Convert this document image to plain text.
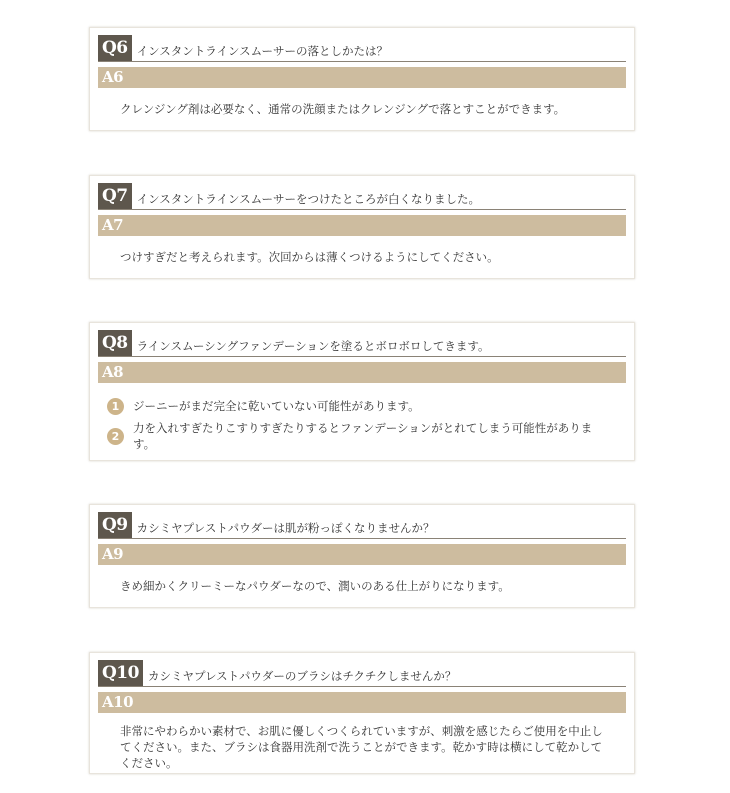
Q6 インスタントラインスムーサーの落としかたは？
A6
クレンジング剤は必要なく、通常の洗顔またはクレンジングで落とすことができます。
Q7 インスタントラインスムーサーをつけたところが白くなりました。
A7
つけすぎだと考えられます。次回からは薄くつけるようにしてください。
Q8 ラインスムーシングファンデーションを塗るとボロボロしてきます。
A8
1	ジーニーがまだ完全に乾いていない可能性があります。
2
力を入れすぎたりこすりすぎたりするとファンデーションがとれてしまう可能性があります。
Q9 カシミヤプレストパウダーは肌が粉っぽくなりませんか？
A9
きめ細かくクリーミーなパウダーなので、潤いのある仕上がりになります。
Q10 カシミヤプレストパウダーのブラシはチクチクしませんか？
A10
非常にやわらかい素材で、お肌に優しくつくられていますが、刺激を感じたらご使用を中止してください。また、ブラシは食器用洗剤で洗うことができます。乾かす時は横にして乾かしてください。
